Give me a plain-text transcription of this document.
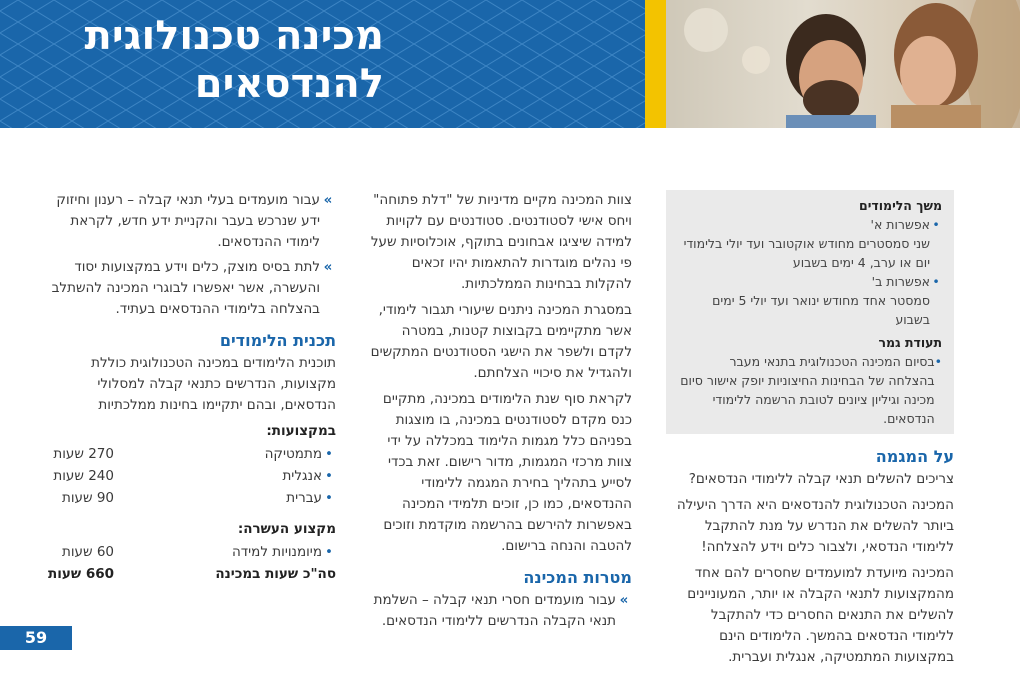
מכינה טכנולוגית
להנדסאים
»
עבור מועמדים בעלי תנאי קבלה – רענון וחיזוק ידע שנרכש בעבר והקניית ידע חדש, לקראת לימודי ההנדסאים.
»
לתת בסיס מוצק, כלים וידע במקצועות יסוד והעשרה, אשר יאפשרו לבוגרי המכינה להשתלב בהצלחה בלימודי ההנדסאים בעתיד.
תכנית הלימודים

תוכנית הלימודים במכינה הטכנולוגית כוללת מקצועות, הנדרשים כתנאי קבלה למסלולי הנדסאים, ובהם יתקיימו בחינות ממלכתיות

במקצועות:
•
מתמטיקה
270 שעות
•
אנגלית
240 שעות
•
עברית
90 שעות
מקצוע העשרה:
•
מיומנויות למידה
60 שעות
סה"כ שעות במכינה
660 שעות

צוות המכינה מקיים מדיניות של "דלת פתוחה" ויחס אישי לסטודנטים. סטודנטים עם לקויות למידה שיציגו אבחונים בתוקף, אוכלוסיות שעל פי נהלים מוגדרות להתאמות יהיו זכאים להקלות בבחינות הממלכתיות.

במסגרת המכינה ניתנים שיעורי תגבור לימודי, אשר מתקיימים בקבוצות קטנות, במטרה לקדם ולשפר את הישגי הסטודנטים המתקשים ולהגדיל את סיכויי הצלחתם.

לקראת סוף שנת הלימודים במכינה, מתקיים כנס מקדם לסטודנטים במכינה, בו מוצגות בפניהם כלל מגמות הלימוד במכללה על ידי צוות מרכזי המגמות, מדור רישום. זאת בכדי לסייע בתהליך בחירת המגמה ללימודי ההנדסאים, כמו כן, זוכים תלמידי המכינה באפשרות להירשם בהרשמה מוקדמת וזוכים להטבה והנחה ברישום.

מטרות המכינה
»
עבור מועמדים חסרי תנאי קבלה – השלמת תנאי הקבלה הנדרשים ללימודי הנדסאים.
משך הלימודים
•
אפשרות א'
שני סמסטרים מחודש אוקטובר ועד יולי בלימודי יום או ערב, 4 ימים בשבוע
•
אפשרות ב'
סמסטר אחד מחודש ינואר ועד יולי 5 ימים בשבוע
תעודת גמר
•
בסיום המכינה הטכנולוגית בתנאי מעבר בהצלחה של הבחינות החיצוניות יופק אישור סיום מכינה וגיליון ציונים לטובת הרשמה ללימודי הנדסאים.
על המגמה

צריכים להשלים תנאי קבלה ללימודי הנדסאים?

המכינה הטכנולוגית להנדסאים היא הדרך היעילה ביותר להשלים את הנדרש על מנת להתקבל ללימודי הנדסאי, ולצבור כלים וידע להצלחה!

המכינה מיועדת למועמדים שחסרים להם אחד מהמקצועות לתנאי הקבלה או יותר, המעוניינים להשלים את התנאים החסרים כדי להתקבל ללימודי הנדסאים בהמשך. הלימודים הינם במקצועות המתמטיקה, אנגלית ועברית.

59
